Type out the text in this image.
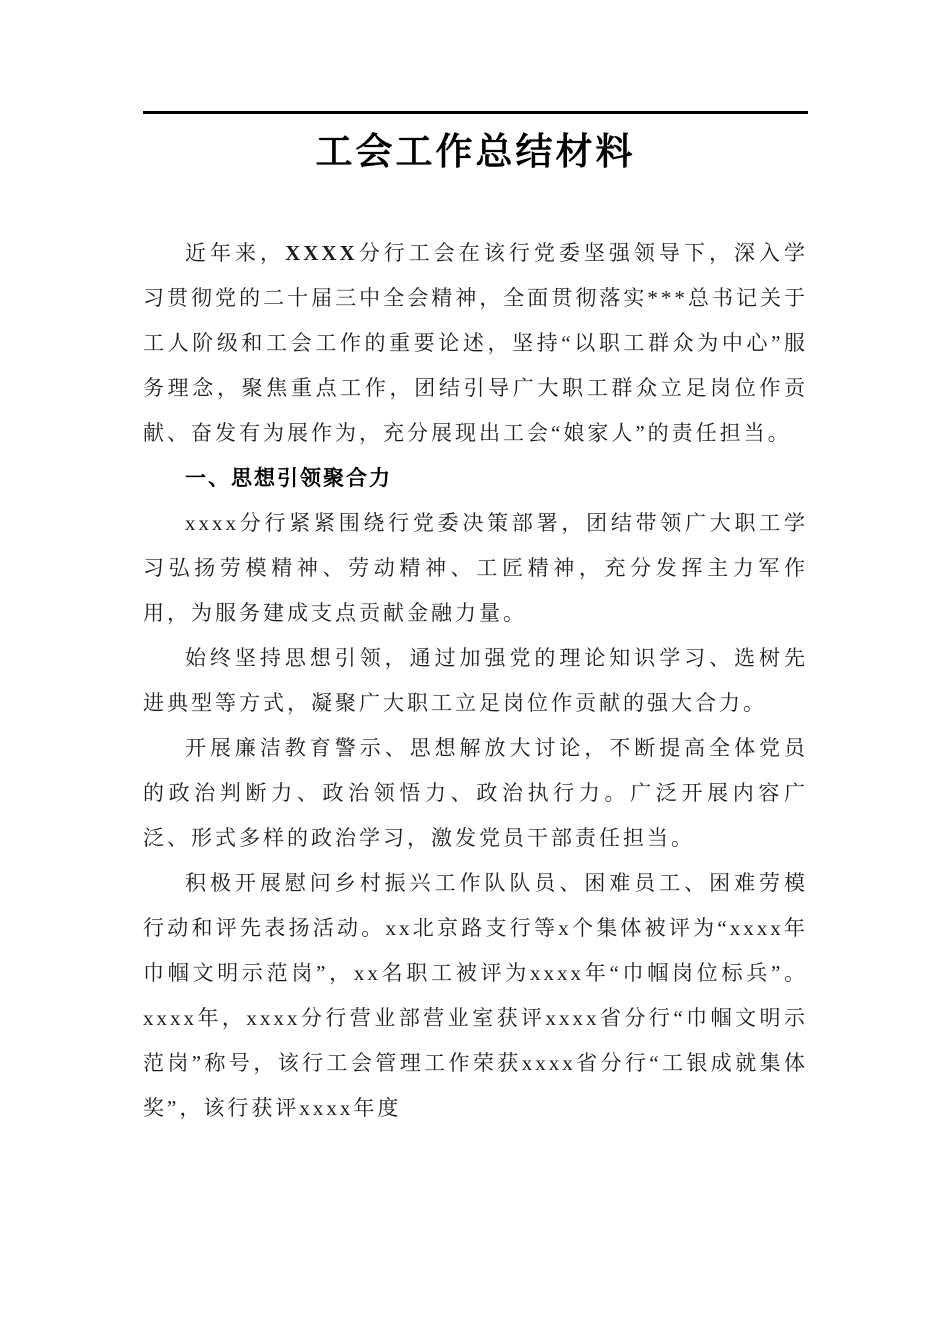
工会工作总结材料

近年来，XXXX分行工会在该行党委坚强领导下，深入学习贯彻党的二十届三中全会精神，全面贯彻落实***总书记关于工人阶级和工会工作的重要论述，坚持“以职工群众为中心”服务理念，聚焦重点工作，团结引导广大职工群众立足岗位作贡献、奋发有为展作为，充分展现出工会“娘家人”的责任担当。

一、思想引领聚合力

xxxx分行紧紧围绕行党委决策部署，团结带领广大职工学习弘扬劳模精神、劳动精神、工匠精神，充分发挥主力军作用，为服务建成支点贡献金融力量。

始终坚持思想引领，通过加强党的理论知识学习、选树先进典型等方式，凝聚广大职工立足岗位作贡献的强大合力。

开展廉洁教育警示、思想解放大讨论，不断提高全体党员的政治判断力、政治领悟力、政治执行力。广泛开展内容广泛、形式多样的政治学习，激发党员干部责任担当。

积极开展慰问乡村振兴工作队队员、困难员工、困难劳模行动和评先表扬活动。xx北京路支行等x个集体被评为“xxxx年巾帼文明示范岗”，xx名职工被评为xxxx年“巾帼岗位标兵”。xxxx年，xxxx分行营业部营业室获评xxxx省分行“巾帼文明示范岗”称号，该行工会管理工作荣获xxxx省分行“工银成就集体奖”，该行获评xxxx年度
